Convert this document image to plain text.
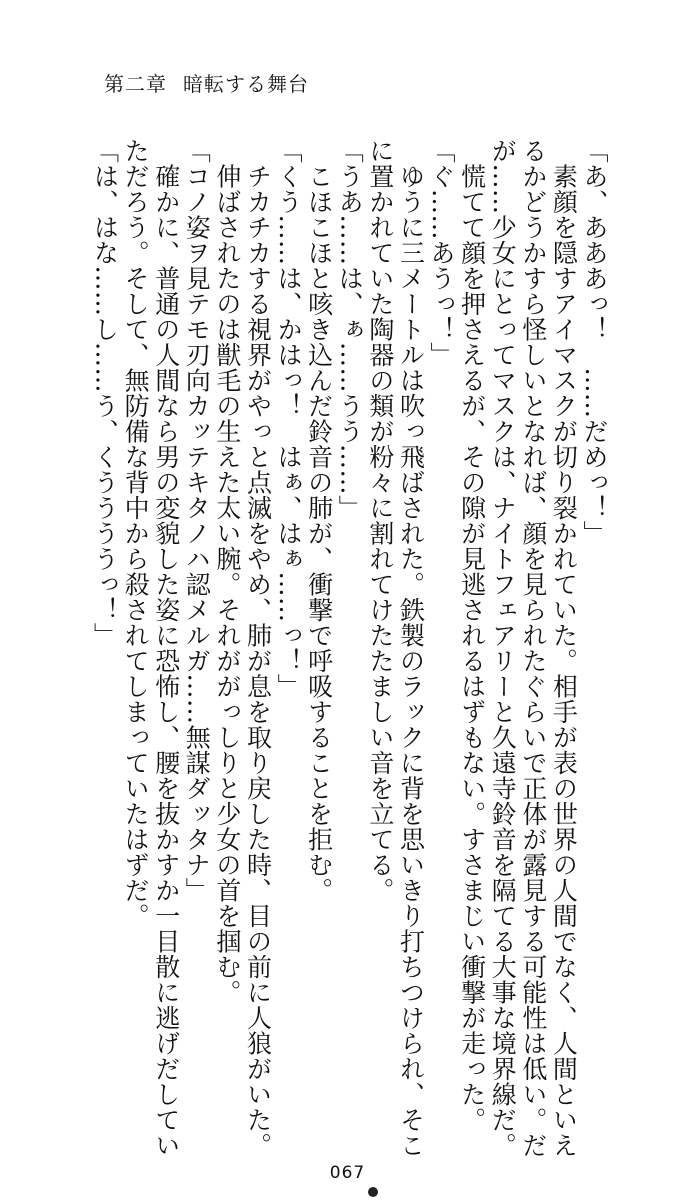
第二章 暗転する舞台
「あ、あああっ！　……だめっ！」
　素顔を隠すアイマスクが切り裂かれていた。相手が表の世界の人間でなく、人間といえ
るかどうかすら怪しいとなれば、顔を見られたぐらいで正体が露見する可能性は低い。だ
が……少女にとってマスクは、ナイトフェアリーと久遠寺鈴音を隔てる大事な境界線だ。
　慌てて顔を押さえるが、その隙が見逃されるはずもない。すさまじい衝撃が走った。
「ぐ……あうっ！」
　ゆうに三メートルは吹っ飛ばされた。鉄製のラックに背を思いきり打ちつけられ、そこ
に置かれていた陶器の類が粉々に割れてけたたましい音を立てる。
「うあ……は、ぁ……うう……」
　こほこほと咳き込んだ鈴音の肺が、衝撃で呼吸することを拒む。
「くう……は、かはっ！　はぁ、はぁ……っ！」
　チカチカする視界がやっと点滅をやめ、肺が息を取り戻した時、目の前に人狼がいた。
　伸ばされたのは獣毛の生えた太い腕。それががっしりと少女の首を掴む。
「コノ姿ヲ見テモ刃向カッテキタノハ認メルガ……無謀ダッタナ」
　確かに、普通の人間なら男の変貌した姿に恐怖し、腰を抜かすか一目散に逃げだしてい
ただろう。そして、無防備な背中から殺されてしまっていたはずだ。
「は、はな……し……う、くううううっ！」
067
